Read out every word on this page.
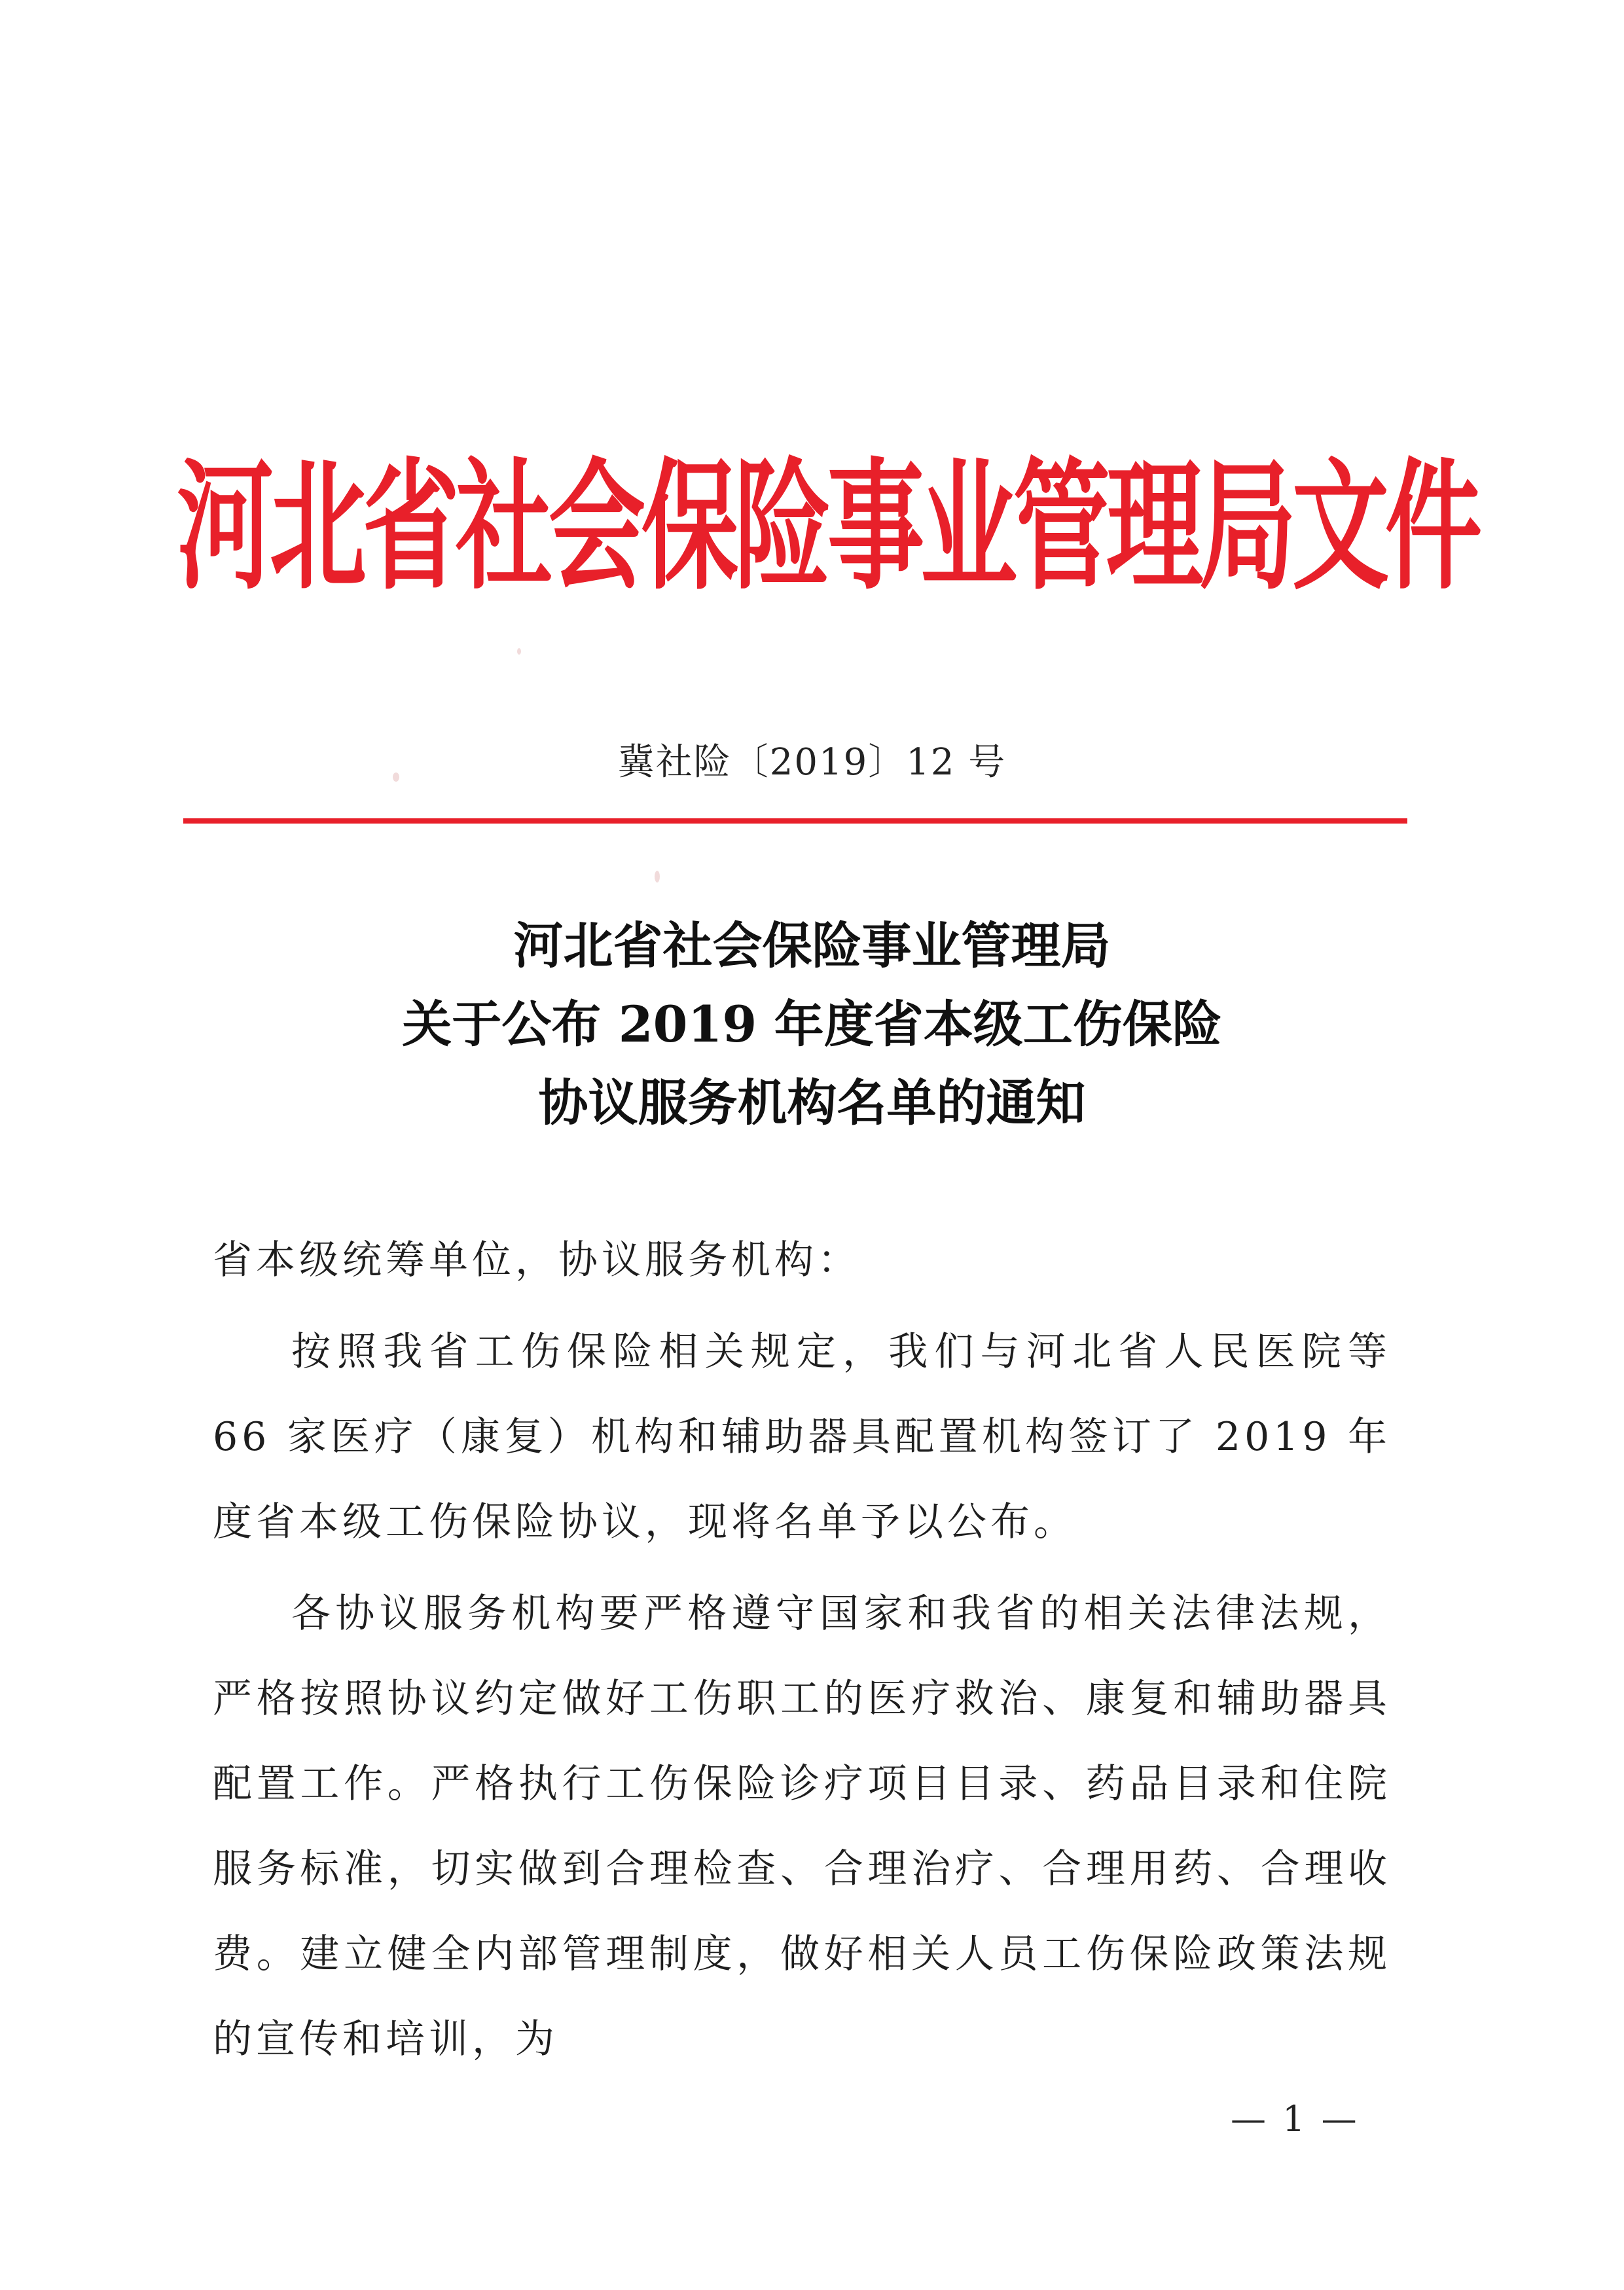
河北省社会保险事业管理局文件
冀社险〔2019〕12 号
河北省社会保险事业管理局
关于公布 2019 年度省本级工伤保险
协议服务机构名单的通知

省本级统筹单位，协议服务机构：

按照我省工伤保险相关规定，我们与河北省人民医院等 66 家医疗（康复）机构和辅助器具配置机构签订了 2019 年度省本级工伤保险协议，现将名单予以公布。

各协议服务机构要严格遵守国家和我省的相关法律法规，严格按照协议约定做好工伤职工的医疗救治、康复和辅助器具配置工作。严格执行工伤保险诊疗项目目录、药品目录和住院服务标准，切实做到合理检查、合理治疗、合理用药、合理收费。建立健全内部管理制度，做好相关人员工伤保险政策法规的宣传和培训，为

— 1 —
